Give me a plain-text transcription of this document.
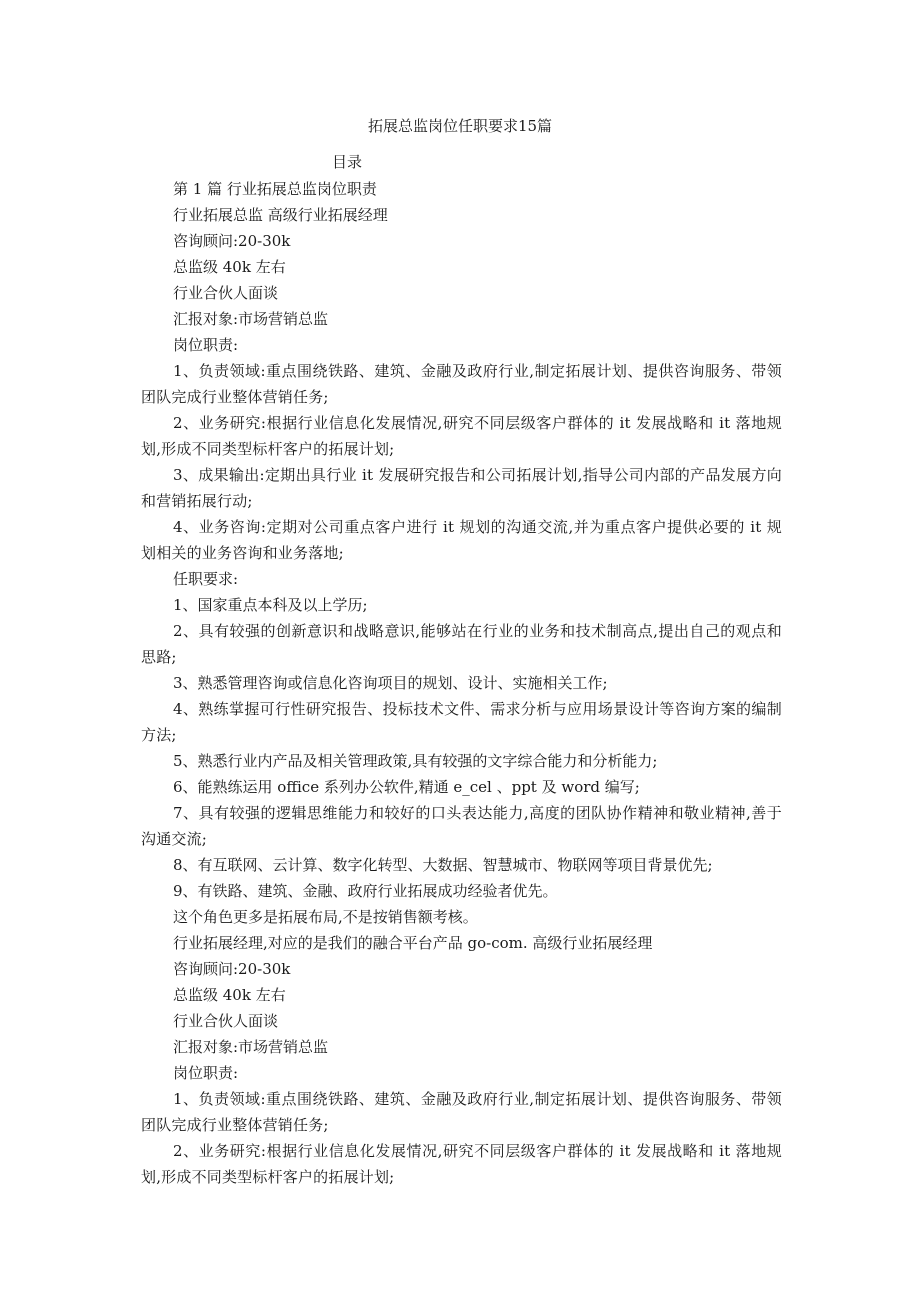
拓展总监岗位任职要求15篇
目录
第 1 篇 行业拓展总监岗位职责
行业拓展总监 高级行业拓展经理
咨询顾问:20-30k
总监级 40k 左右
行业合伙人面谈
汇报对象:市场营销总监
岗位职责:
1、负责领域:重点围绕铁路、建筑、金融及政府行业,制定拓展计划、提供咨询服务、带领团队完成行业整体营销任务;
2、业务研究:根据行业信息化发展情况,研究不同层级客户群体的 it 发展战略和 it 落地规划,形成不同类型标杆客户的拓展计划;
3、成果输出:定期出具行业 it 发展研究报告和公司拓展计划,指导公司内部的产品发展方向和营销拓展行动;
4、业务咨询:定期对公司重点客户进行 it 规划的沟通交流,并为重点客户提供必要的 it 规划相关的业务咨询和业务落地;
任职要求:
1、国家重点本科及以上学历;
2、具有较强的创新意识和战略意识,能够站在行业的业务和技术制高点,提出自己的观点和思路;
3、熟悉管理咨询或信息化咨询项目的规划、设计、实施相关工作;
4、熟练掌握可行性研究报告、投标技术文件、需求分析与应用场景设计等咨询方案的编制方法;
5、熟悉行业内产品及相关管理政策,具有较强的文字综合能力和分析能力;
6、能熟练运用 office 系列办公软件,精通 e_cel 、ppt 及 word 编写;
7、具有较强的逻辑思维能力和较好的口头表达能力,高度的团队协作精神和敬业精神,善于沟通交流;
8、有互联网、云计算、数字化转型、大数据、智慧城市、物联网等项目背景优先;
9、有铁路、建筑、金融、政府行业拓展成功经验者优先。
这个角色更多是拓展布局,不是按销售额考核。
行业拓展经理,对应的是我们的融合平台产品 go-com. 高级行业拓展经理
咨询顾问:20-30k
总监级 40k 左右
行业合伙人面谈
汇报对象:市场营销总监
岗位职责:
1、负责领域:重点围绕铁路、建筑、金融及政府行业,制定拓展计划、提供咨询服务、带领团队完成行业整体营销任务;
2、业务研究:根据行业信息化发展情况,研究不同层级客户群体的 it 发展战略和 it 落地规划,形成不同类型标杆客户的拓展计划;
